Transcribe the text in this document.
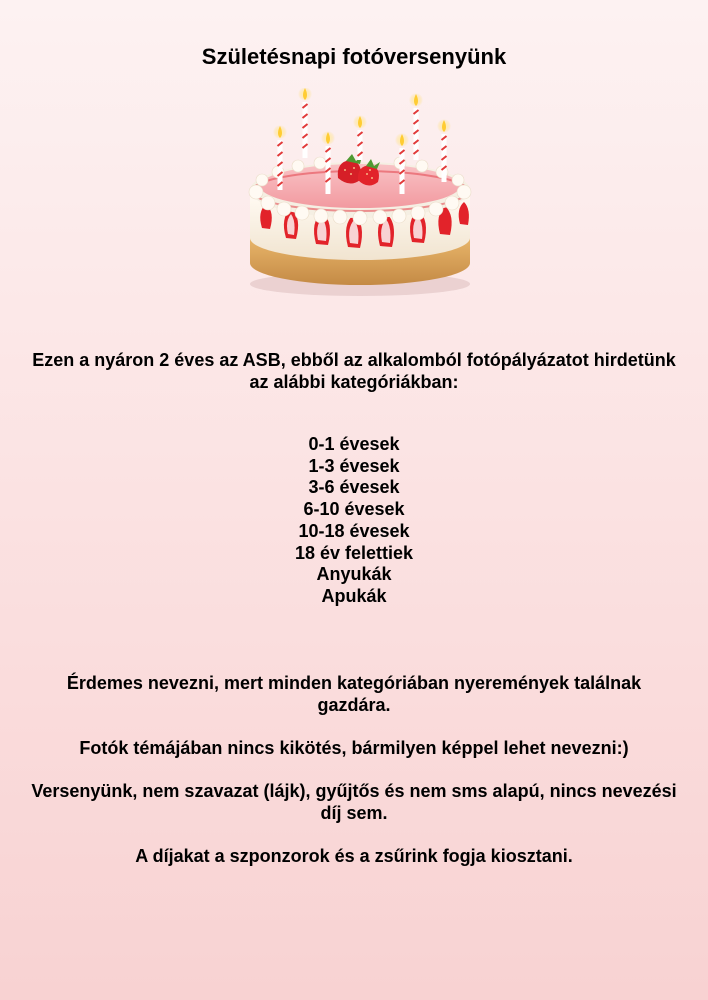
Születésnapi fotóversenyünk

Ezen a nyáron 2 éves az ASB, ebből az alkalomból fotópályázatot hirdetünk az alábbi kategóriákban:

0-1 évesek
1-3 évesek
3-6 évesek
6-10 évesek
10-18 évesek
18 év felettiek
Anyukák
Apukák

Érdemes nevezni, mert minden kategóriában nyeremények találnak gazdára.

Fotók témájában nincs kikötés, bármilyen képpel lehet nevezni:)

Versenyünk, nem szavazat (lájk), gyűjtős és nem sms alapú, nincs nevezési díj sem.

A díjakat a szponzorok és a zsűrink fogja kiosztani.
